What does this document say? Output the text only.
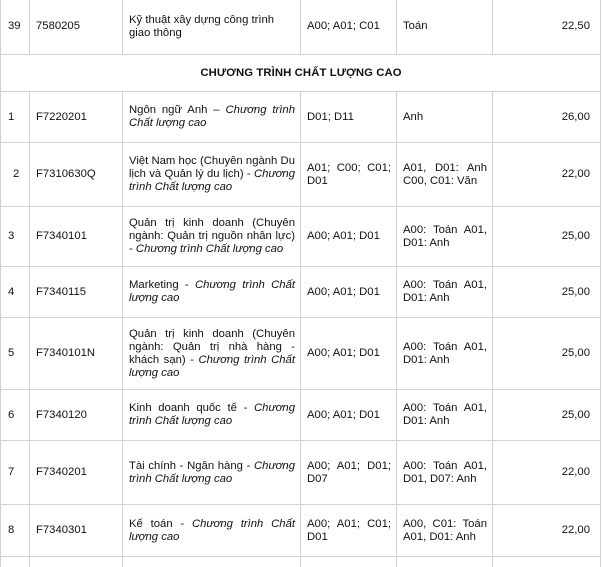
39	7580205	Kỹ thuật xây dựng công trình giao thông	A00; A01; C01	Toán	22,50
CHƯƠNG TRÌNH CHẤT LƯỢNG CAO					
1	F7220201	Ngôn ngữ Anh – Chương trình Chất lượng cao	D01; D11	Anh	26,00
2	F7310630Q	Việt Nam học (Chuyên ngành Du lịch và Quản lý du lịch) - Chương trình Chất lượng cao	A01; C00; C01; D01	A01, D01: Anh C00, C01: Văn	22,00
3	F7340101	Quản trị kinh doanh (Chuyên ngành: Quản trị nguồn nhân lực) - Chương trình Chất lượng cao	A00; A01; D01	A00: Toán A01, D01: Anh	25,00
4	F7340115	Marketing - Chương trình Chất lượng cao	A00; A01; D01	A00: Toán A01, D01: Anh	25,00
5	F7340101N	Quản trị kinh doanh (Chuyên ngành: Quản trị nhà hàng - khách sạn) - Chương trình Chất lượng cao	A00; A01; D01	A00: Toán A01, D01: Anh	25,00
6	F7340120	Kinh doanh quốc tế - Chương trình Chất lượng cao	A00; A01; D01	A00: Toán A01, D01: Anh	25,00
7	F7340201	Tài chính - Ngân hàng - Chương trình Chất lượng cao	A00; A01; D01; D07	A00: Toán A01, D01, D07: Anh	22,00
8	F7340301	Kế toán - Chương trình Chất lượng cao	A00; A01; C01; D01	A00, C01: Toán A01, D01: Anh	22,00
